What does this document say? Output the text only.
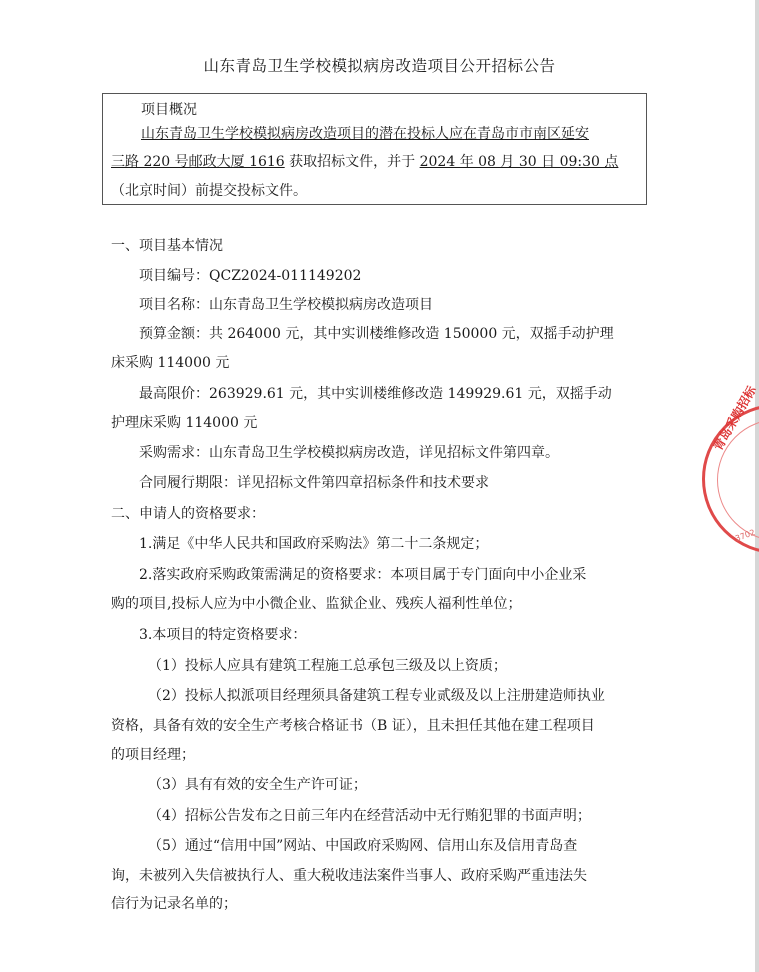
山东青岛卫生学校模拟病房改造项目公开招标公告
项目概况
山东青岛卫生学校模拟病房改造项目的潜在投标人应在青岛市市南区延安
三路 220 号邮政大厦 1616 获取招标文件，并于 2024 年 08 月 30 日 09:30 点
（北京时间）前提交投标文件。
一、项目基本情况
项目编号：QCZ2024-011149202
项目名称：山东青岛卫生学校模拟病房改造项目
预算金额：共 264000 元，其中实训楼维修改造 150000 元，双摇手动护理
床采购 114000 元
最高限价：263929.61 元，其中实训楼维修改造 149929.61 元，双摇手动
护理床采购 114000 元
采购需求：山东青岛卫生学校模拟病房改造，详见招标文件第四章。
合同履行期限：详见招标文件第四章招标条件和技术要求
二、申请人的资格要求：
1.满足《中华人民共和国政府采购法》第二十二条规定；
2.落实政府采购政策需满足的资格要求：本项目属于专门面向中小企业采
购的项目,投标人应为中小微企业、监狱企业、残疾人福利性单位；
3.本项目的特定资格要求：
（1）投标人应具有建筑工程施工总承包三级及以上资质；
（2）投标人拟派项目经理须具备建筑工程专业贰级及以上注册建造师执业
资格，具备有效的安全生产考核合格证书（B 证），且未担任其他在建工程项目
的项目经理；
（3）具有有效的安全生产许可证；
（4）招标公告发布之日前三年内在经营活动中无行贿犯罪的书面声明；
（5）通过“信用中国”网站、中国政府采购网、信用山东及信用青岛查
询，未被列入失信被执行人、重大税收违法案件当事人、政府采购严重违法失
信行为记录名单的；
青岛采购招标
3702
